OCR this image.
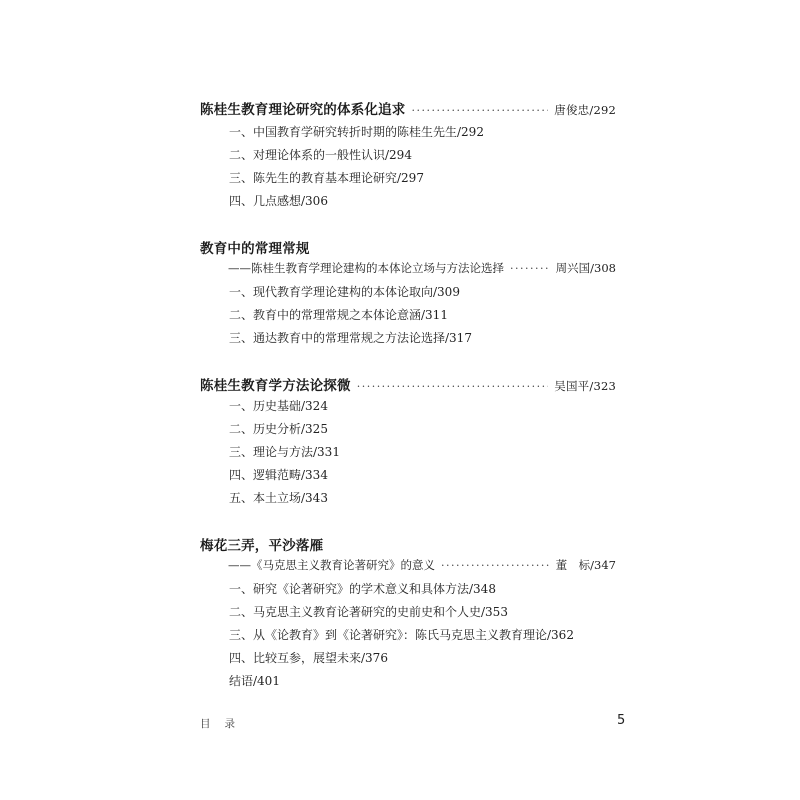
陈桂生教育理论研究的体系化追求 ·····	唐俊忠/292
一、中国教育学研究转折时期的陈桂生先生/292
二、对理论体系的一般性认识/294
三、陈先生的教育基本理论研究/297
四、几点感想/306
教育中的常理常规
——陈桂生教育学理论建构的本体论立场与方法论选择 ·····	周兴国/308
一、现代教育学理论建构的本体论取向/309
二、教育中的常理常规之本体论意涵/311
三、通达教育中的常理常规之方法论选择/317
陈桂生教育学方法论探微 ·····	吴国平/323
一、历史基础/324
二、历史分析/325
三、理论与方法/331
四、逻辑范畴/334
五、本土立场/343
梅花三弄，平沙落雁
——《马克思主义教育论著研究》的意义 ·····	董　标/347
一、研究《论著研究》的学术意义和具体方法/348
二、马克思主义教育论著研究的史前史和个人史/353
三、从《论教育》到《论著研究》：陈氏马克思主义教育理论/362
四、比较互参，展望未来/376
结语/401
目录	5
